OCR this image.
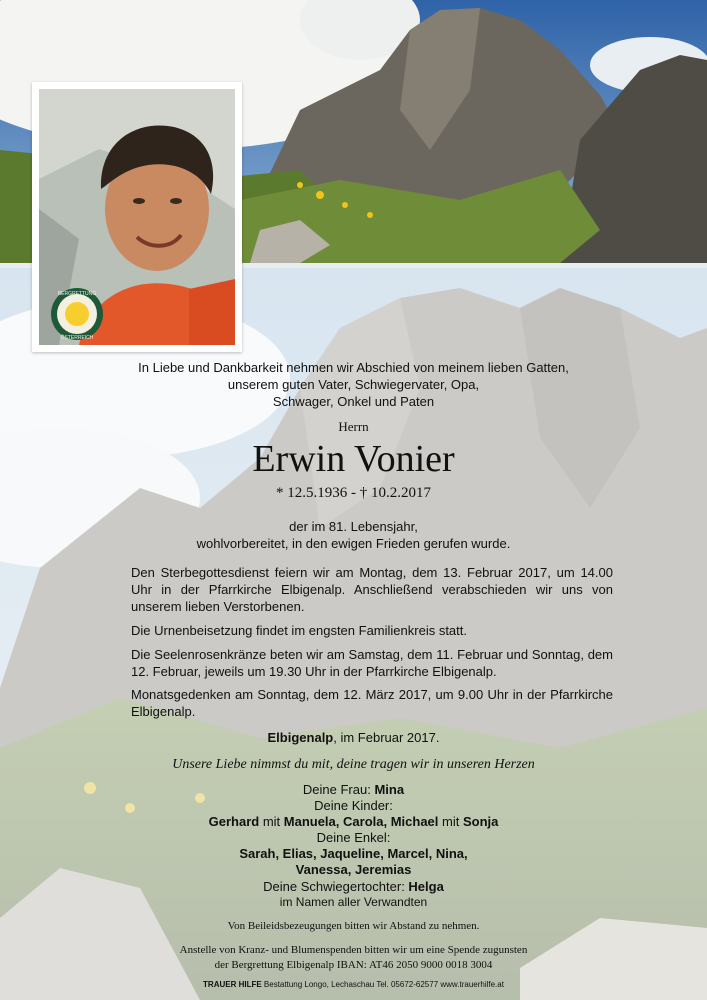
BERGRETTUNG
ÖSTERREICH
In Liebe und Dankbarkeit nehmen wir Abschied von meinem lieben Gatten,
unserem guten Vater, Schwiegervater, Opa,
Schwager, Onkel und Paten
Herrn
Erwin Vonier
* 12.5.1936 - † 10.2.2017
der im 81. Lebensjahr,
wohlvorbereitet, in den ewigen Frieden gerufen wurde.
Den Sterbegottesdienst feiern wir am Montag, dem 13. Februar 2017, um 14.00 Uhr in der Pfarrkirche Elbigenalp. Anschließend verabschieden wir uns von unserem lieben Verstorbenen.
Die Urnenbeisetzung findet im engsten Familienkreis statt.
Die Seelenrosenkränze beten wir am Samstag, dem 11. Februar und Sonntag, dem 12. Februar, jeweils um 19.30 Uhr in der Pfarrkirche Elbigenalp.
Monatsgedenken am Sonntag, dem 12. März 2017, um 9.00 Uhr in der Pfarrkirche Elbigenalp.
Elbigenalp, im Februar 2017.
Unsere Liebe nimmst du mit, deine tragen wir in unseren Herzen
Deine Frau: Mina
Deine Kinder:
Gerhard mit Manuela, Carola, Michael mit Sonja
Deine Enkel:
Sarah, Elias, Jaqueline, Marcel, Nina,
Vanessa, Jeremias
Deine Schwiegertochter: Helga
im Namen aller Verwandten
Von Beileidsbezeugungen bitten wir Abstand zu nehmen.
Anstelle von Kranz- und Blumenspenden bitten wir um eine Spende zugunsten
der Bergrettung Elbigenalp IBAN: AT46 2050 9000 0018 3004
TRAUER HILFE Bestattung Longo, Lechaschau Tel. 05672-62577 www.trauerhilfe.at
